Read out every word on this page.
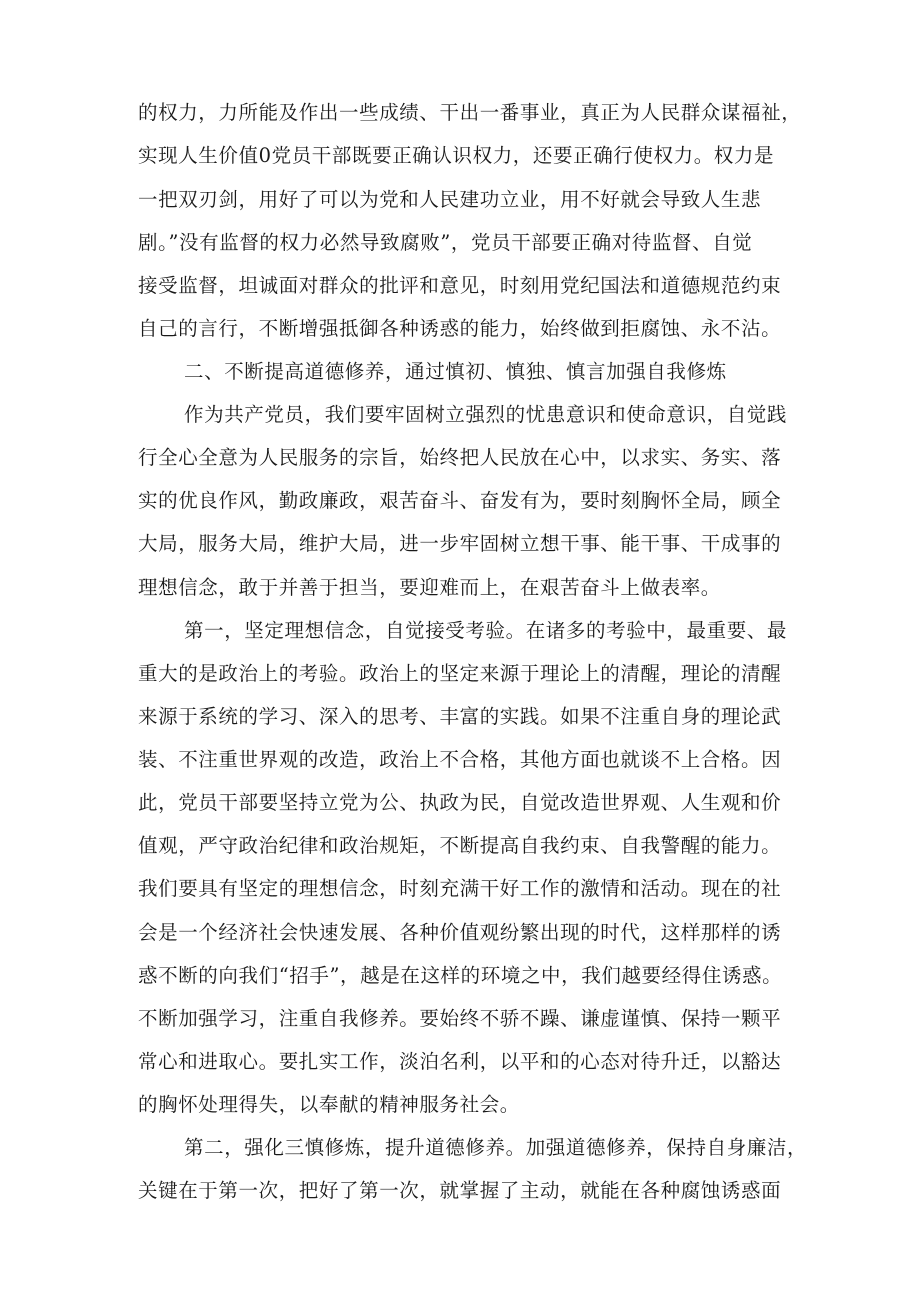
的权力，力所能及作出一些成绩、干出一番事业，真正为人民群众谋福祉，
实现人生价值0党员干部既要正确认识权力，还要正确行使权力。权力是
一把双刃剑，用好了可以为党和人民建功立业，用不好就会导致人生悲
剧。”没有监督的权力必然导致腐败”，党员干部要正确对待监督、自觉
接受监督，坦诚面对群众的批评和意见，时刻用党纪国法和道德规范约束
自己的言行，不断增强抵御各种诱惑的能力，始终做到拒腐蚀、永不沾。
二、不断提高道德修养，通过慎初、慎独、慎言加强自我修炼
作为共产党员，我们要牢固树立强烈的忧患意识和使命意识，自觉践
行全心全意为人民服务的宗旨，始终把人民放在心中，以求实、务实、落
实的优良作风，勤政廉政，艰苦奋斗、奋发有为，要时刻胸怀全局，顾全
大局，服务大局，维护大局，进一步牢固树立想干事、能干事、干成事的
理想信念，敢于并善于担当，要迎难而上，在艰苦奋斗上做表率。
第一，坚定理想信念，自觉接受考验。在诸多的考验中，最重要、最
重大的是政治上的考验。政治上的坚定来源于理论上的清醒，理论的清醒
来源于系统的学习、深入的思考、丰富的实践。如果不注重自身的理论武
装、不注重世界观的改造，政治上不合格，其他方面也就谈不上合格。因
此，党员干部要坚持立党为公、执政为民，自觉改造世界观、人生观和价
值观，严守政治纪律和政治规矩，不断提高自我约束、自我警醒的能力。
我们要具有坚定的理想信念，时刻充满干好工作的激情和活动。现在的社
会是一个经济社会快速发展、各种价值观纷繁出现的时代，这样那样的诱
惑不断的向我们“招手”，越是在这样的环境之中，我们越要经得住诱惑。
不断加强学习，注重自我修养。要始终不骄不躁、谦虚谨慎、保持一颗平
常心和进取心。要扎实工作，淡泊名利，以平和的心态对待升迁，以豁达
的胸怀处理得失，以奉献的精神服务社会。
第二，强化三慎修炼，提升道德修养。加强道德修养，保持自身廉洁，
关键在于第一次，把好了第一次，就掌握了主动，就能在各种腐蚀诱惑面
